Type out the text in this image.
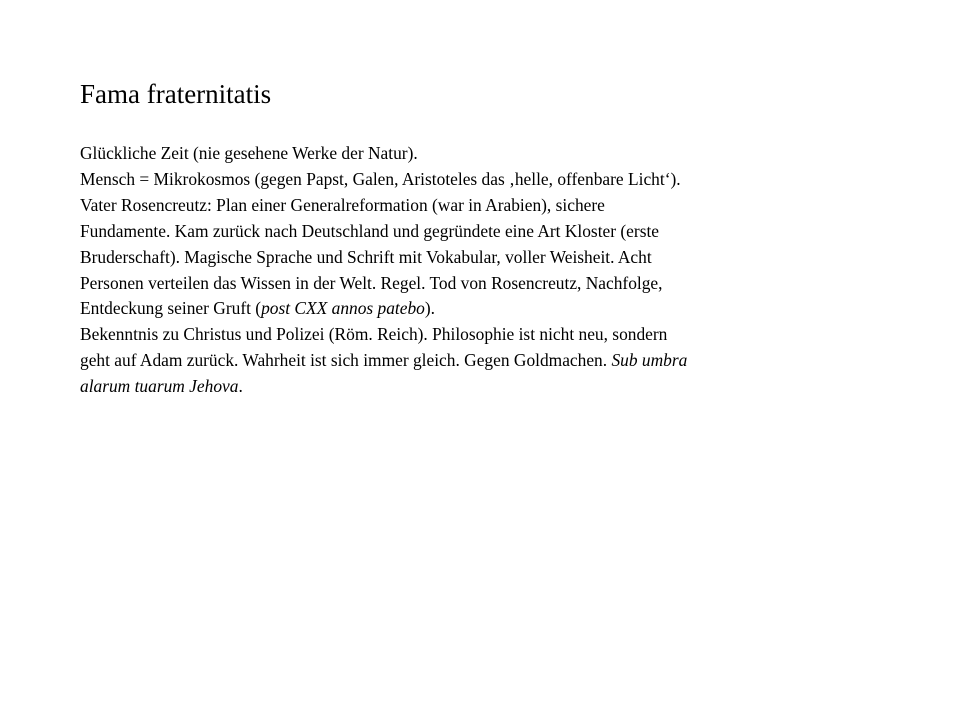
Fama fraternitatis
Glückliche Zeit (nie gesehene Werke der Natur).
Mensch = Mikrokosmos (gegen Papst, Galen, Aristoteles das ‚helle, offenbare Licht‘).
Vater Rosencreutz: Plan einer Generalreformation (war in Arabien), sichere
Fundamente. Kam zurück nach Deutschland und gegründete eine Art Kloster (erste
Bruderschaft). Magische Sprache und Schrift mit Vokabular, voller Weisheit. Acht
Personen verteilen das Wissen in der Welt. Regel. Tod von Rosencreutz, Nachfolge,
Entdeckung seiner Gruft (post CXX annos patebo).
Bekenntnis zu Christus und Polizei (Röm. Reich). Philosophie ist nicht neu, sondern
geht auf Adam zurück. Wahrheit ist sich immer gleich. Gegen Goldmachen. Sub umbra
alarum tuarum Jehova.
